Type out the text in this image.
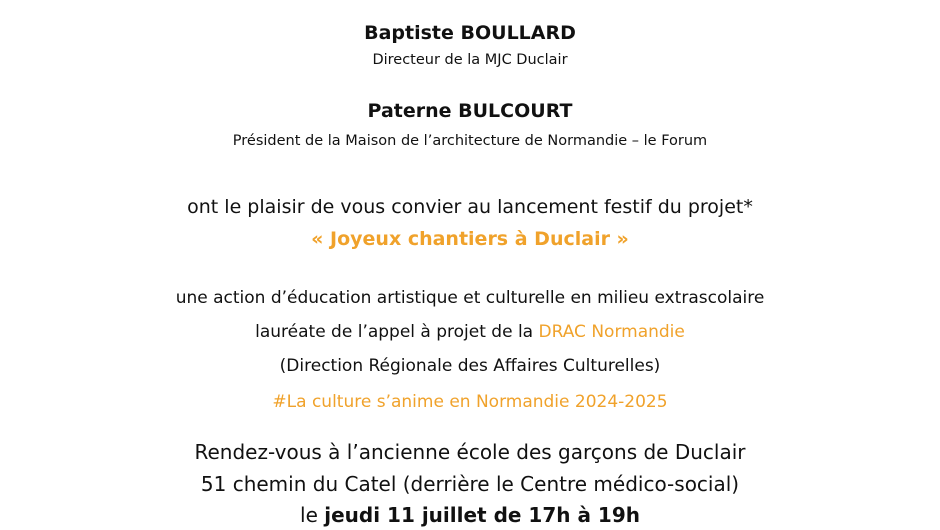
Baptiste BOULLARD
Directeur de la MJC Duclair
Paterne BULCOURT
Président de la Maison de l’architecture de Normandie – le Forum
ont le plaisir de vous convier au lancement festif du projet*
« Joyeux chantiers à Duclair »
une action d’éducation artistique et culturelle en milieu extrascolaire
lauréate de l’appel à projet de la DRAC Normandie
(Direction Régionale des Affaires Culturelles)
#La culture s’anime en Normandie 2024-2025
Rendez-vous à l’ancienne école des garçons de Duclair
51 chemin du Catel (derrière le Centre médico-social)
le jeudi 11 juillet de 17h à 19h
